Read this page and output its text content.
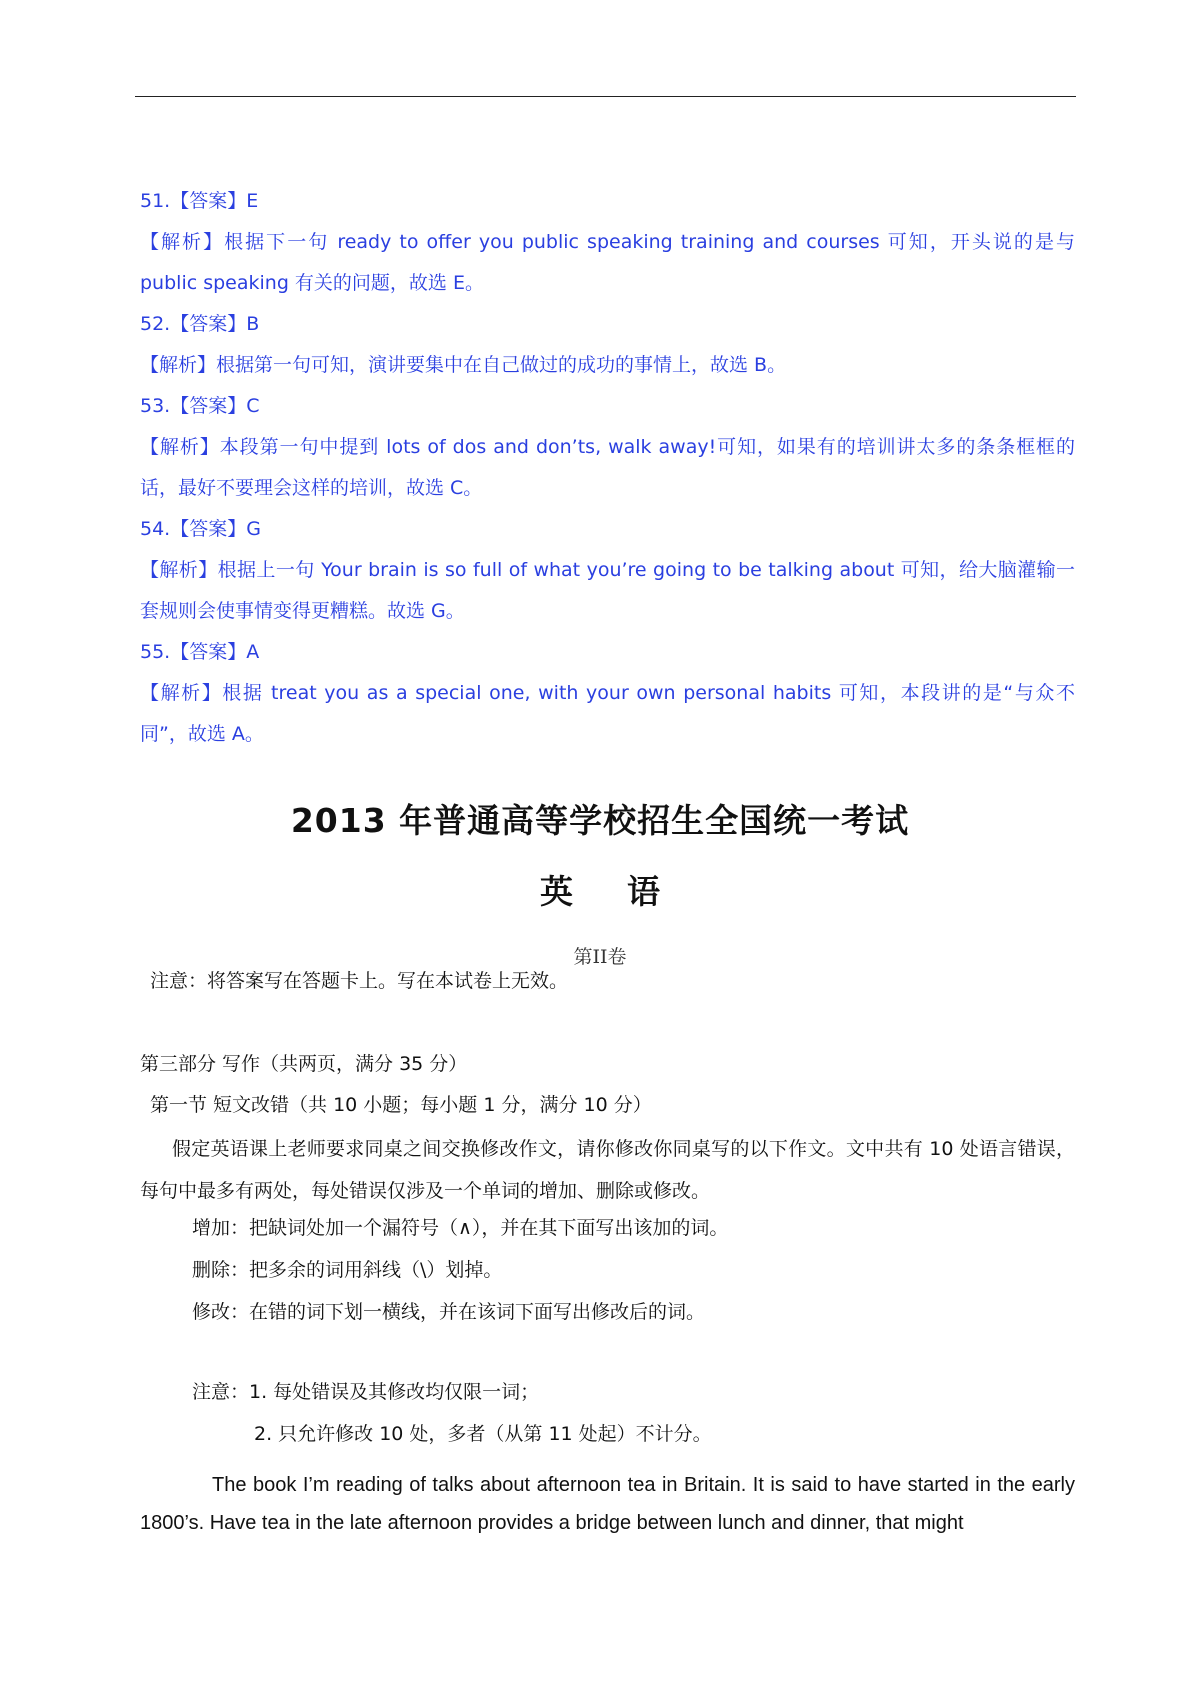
51.【答案】E
【解析】根据下一句 ready to offer you public speaking training and courses 可知，开头说的是与 public speaking 有关的问题，故选 E。
52.【答案】B
【解析】根据第一句可知，演讲要集中在自己做过的成功的事情上，故选 B。
53.【答案】C
【解析】本段第一句中提到 lots of dos and don’ts, walk away!可知，如果有的培训讲太多的条条框框的话，最好不要理会这样的培训，故选 C。
54.【答案】G
【解析】根据上一句 Your brain is so full of what you’re going to be talking about 可知，给大脑灌输一套规则会使事情变得更糟糕。故选 G。
55.【答案】A
【解析】根据 treat you as a special one, with your own personal habits 可知，本段讲的是“与众不同”，故选 A。
2013 年普通高等学校招生全国统一考试
英语
第II卷
注意：将答案写在答题卡上。写在本试卷上无效。
第三部分 写作（共两页，满分 35 分）
第一节 短文改错（共 10 小题；每小题 1 分，满分 10 分）
假定英语课上老师要求同桌之间交换修改作文，请你修改你同桌写的以下作文。文中共有 10 处语言错误，每句中最多有两处，每处错误仅涉及一个单词的增加、删除或修改。
增加：把缺词处加一个漏符号（∧），并在其下面写出该加的词。
删除：把多余的词用斜线（\）划掉。
修改：在错的词下划一横线，并在该词下面写出修改后的词。
注意：1. 每处错误及其修改均仅限一词；
2. 只允许修改 10 处，多者（从第 11 处起）不计分。
The book I’m reading of talks about afternoon tea in Britain. It is said to have started in the early 1800’s. Have tea in the late afternoon provides a bridge between lunch and dinner, that might
